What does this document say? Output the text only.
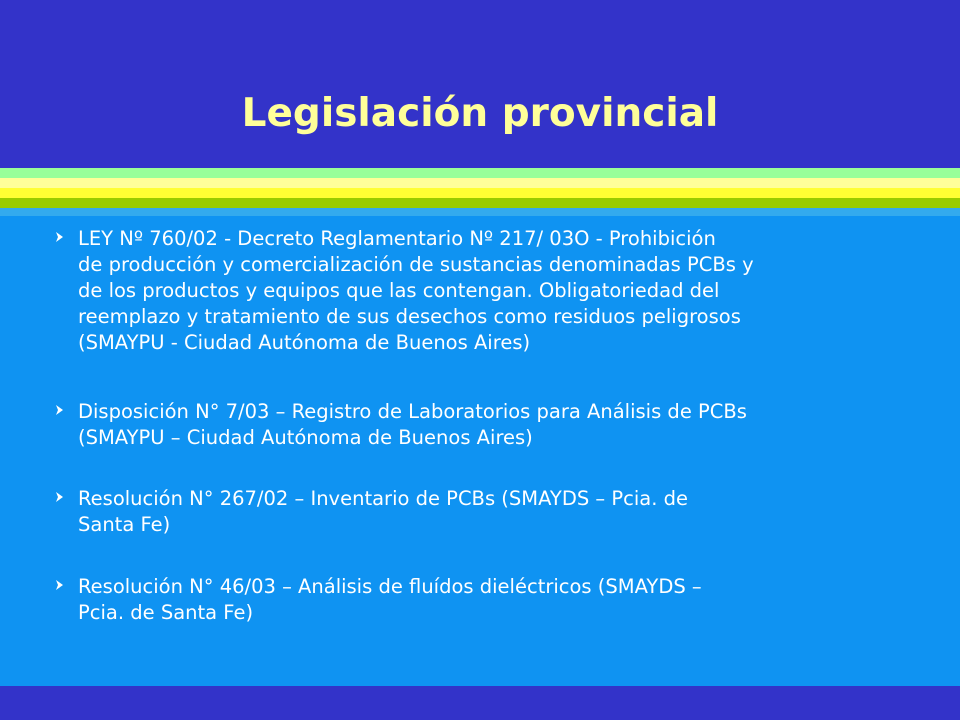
Legislación provincial
LEY Nº 760/02 - Decreto Reglamentario Nº 217/ 03O - Prohibición
de producción y comercialización de sustancias denominadas PCBs y
de los productos y equipos que las contengan. Obligatoriedad del
reemplazo y tratamiento de sus desechos como residuos peligrosos
(SMAYPU - Ciudad Autónoma de Buenos Aires)
Disposición N° 7/03 – Registro de Laboratorios para Análisis de PCBs
(SMAYPU – Ciudad Autónoma de Buenos Aires)
Resolución N° 267/02 – Inventario de PCBs (SMAYDS – Pcia. de
Santa Fe)
Resolución N° 46/03 – Análisis de fluídos dieléctricos (SMAYDS –
Pcia. de Santa Fe)
